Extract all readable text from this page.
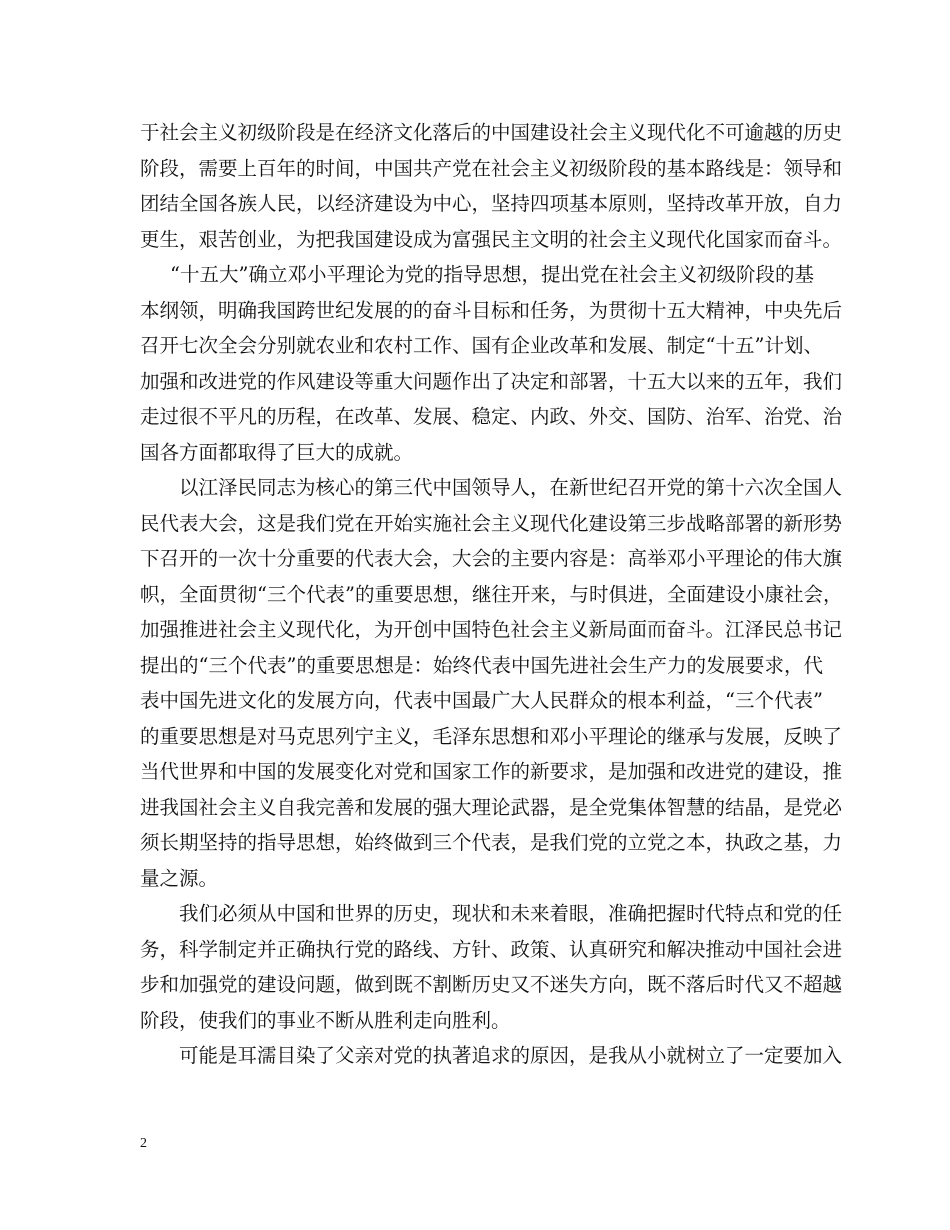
于社会主义初级阶段是在经济文化落后的中国建设社会主义现代化不可逾越的历史
阶段，需要上百年的时间，中国共产党在社会主义初级阶段的基本路线是：领导和
团结全国各族人民，以经济建设为中心，坚持四项基本原则，坚持改革开放，自力
更生，艰苦创业，为把我国建设成为富强民主文明的社会主义现代化国家而奋斗。
“十五大”确立邓小平理论为党的指导思想，提出党在社会主义初级阶段的基
本纲领，明确我国跨世纪发展的的奋斗目标和任务，为贯彻十五大精神，中央先后
召开七次全会分别就农业和农村工作、国有企业改革和发展、制定“十五”计划、
加强和改进党的作风建设等重大问题作出了决定和部署，十五大以来的五年，我们
走过很不平凡的历程，在改革、发展、稳定、内政、外交、国防、治军、治党、治
国各方面都取得了巨大的成就。
以江泽民同志为核心的第三代中国领导人，在新世纪召开党的第十六次全国人
民代表大会，这是我们党在开始实施社会主义现代化建设第三步战略部署的新形势
下召开的一次十分重要的代表大会，大会的主要内容是：高举邓小平理论的伟大旗
帜，全面贯彻“三个代表”的重要思想，继往开来，与时俱进，全面建设小康社会，
加强推进社会主义现代化，为开创中国特色社会主义新局面而奋斗。江泽民总书记
提出的“三个代表”的重要思想是：始终代表中国先进社会生产力的发展要求，代
表中国先进文化的发展方向，代表中国最广大人民群众的根本利益，“三个代表”
的重要思想是对马克思列宁主义，毛泽东思想和邓小平理论的继承与发展，反映了
当代世界和中国的发展变化对党和国家工作的新要求，是加强和改进党的建设，推
进我国社会主义自我完善和发展的强大理论武器，是全党集体智慧的结晶，是党必
须长期坚持的指导思想，始终做到三个代表，是我们党的立党之本，执政之基，力
量之源。
我们必须从中国和世界的历史，现状和未来着眼，准确把握时代特点和党的任
务，科学制定并正确执行党的路线、方针、政策、认真研究和解决推动中国社会进
步和加强党的建设问题，做到既不割断历史又不迷失方向，既不落后时代又不超越
阶段，使我们的事业不断从胜利走向胜利。
可能是耳濡目染了父亲对党的执著追求的原因，是我从小就树立了一定要加入
2
